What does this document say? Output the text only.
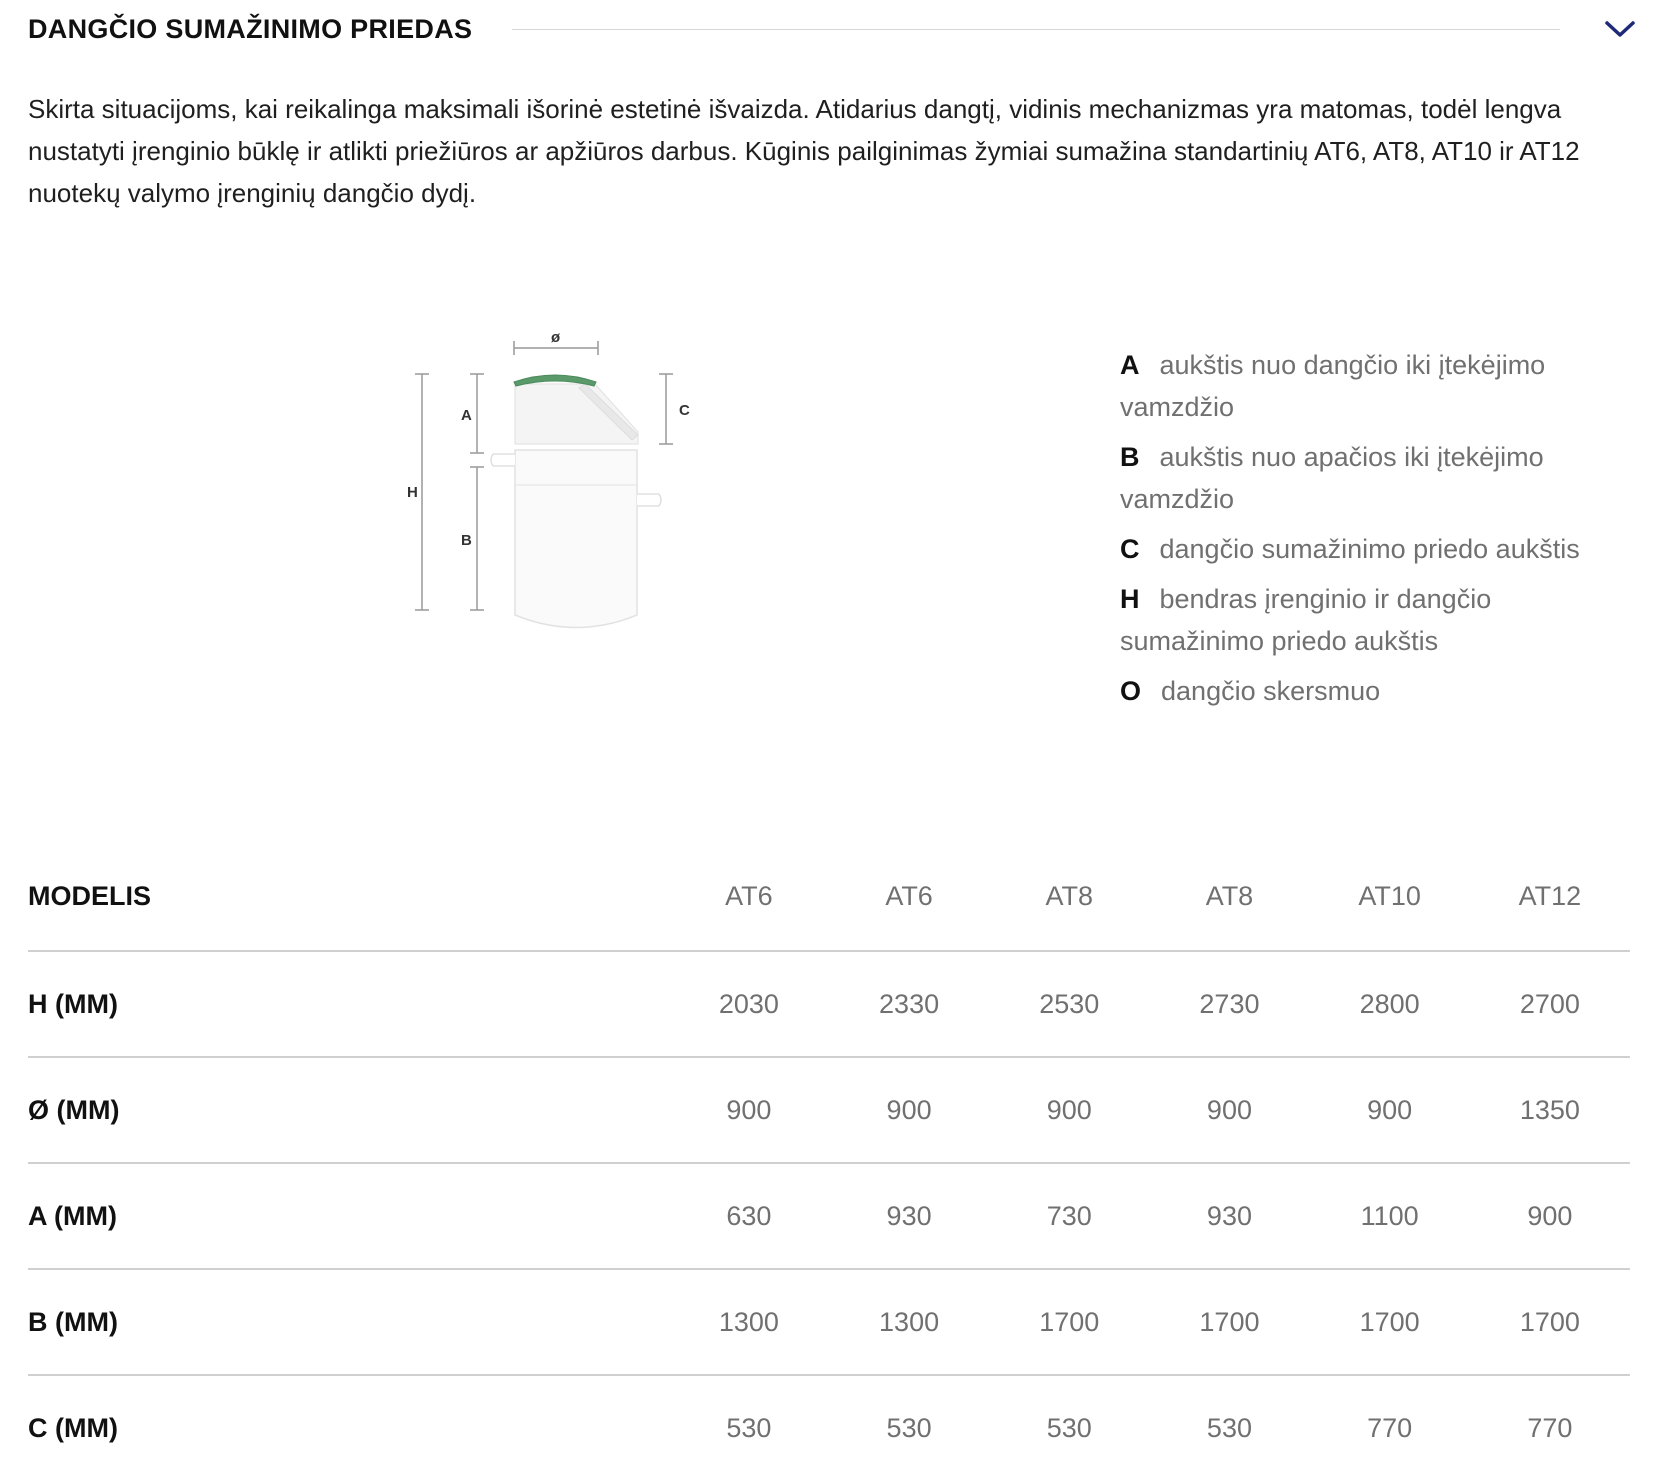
DANGČIO SUMAŽINIMO PRIEDAS

Skirta situacijoms, kai reikalinga maksimali išorinė estetinė išvaizda. Atidarius dangtį, vidinis mechanizmas yra matomas, todėl lengva nustatyti įrenginio būklę ir atlikti priežiūros ar apžiūros darbus. Kūginis pailginimas žymiai sumažina standartinių AT6, AT8, AT10 ir AT12 nuotekų valymo įrenginių dangčio dydį.

H
A
B
ø
C
A aukštis nuo dangčio iki įtekėjimo vamzdžio
B aukštis nuo apačios iki įtekėjimo vamzdžio
C dangčio sumažinimo priedo aukštis
H bendras įrenginio ir dangčio sumažinimo priedo aukštis
O dangčio skersmuo
MODELIS	AT6	AT6	AT8	AT8	AT10	AT12
H (MM)	2030	2330	2530	2730	2800	2700
Ø (MM)	900	900	900	900	900	1350
A (MM)	630	930	730	930	1100	900
B (MM)	1300	1300	1700	1700	1700	1700
C (MM)	530	530	530	530	770	770
